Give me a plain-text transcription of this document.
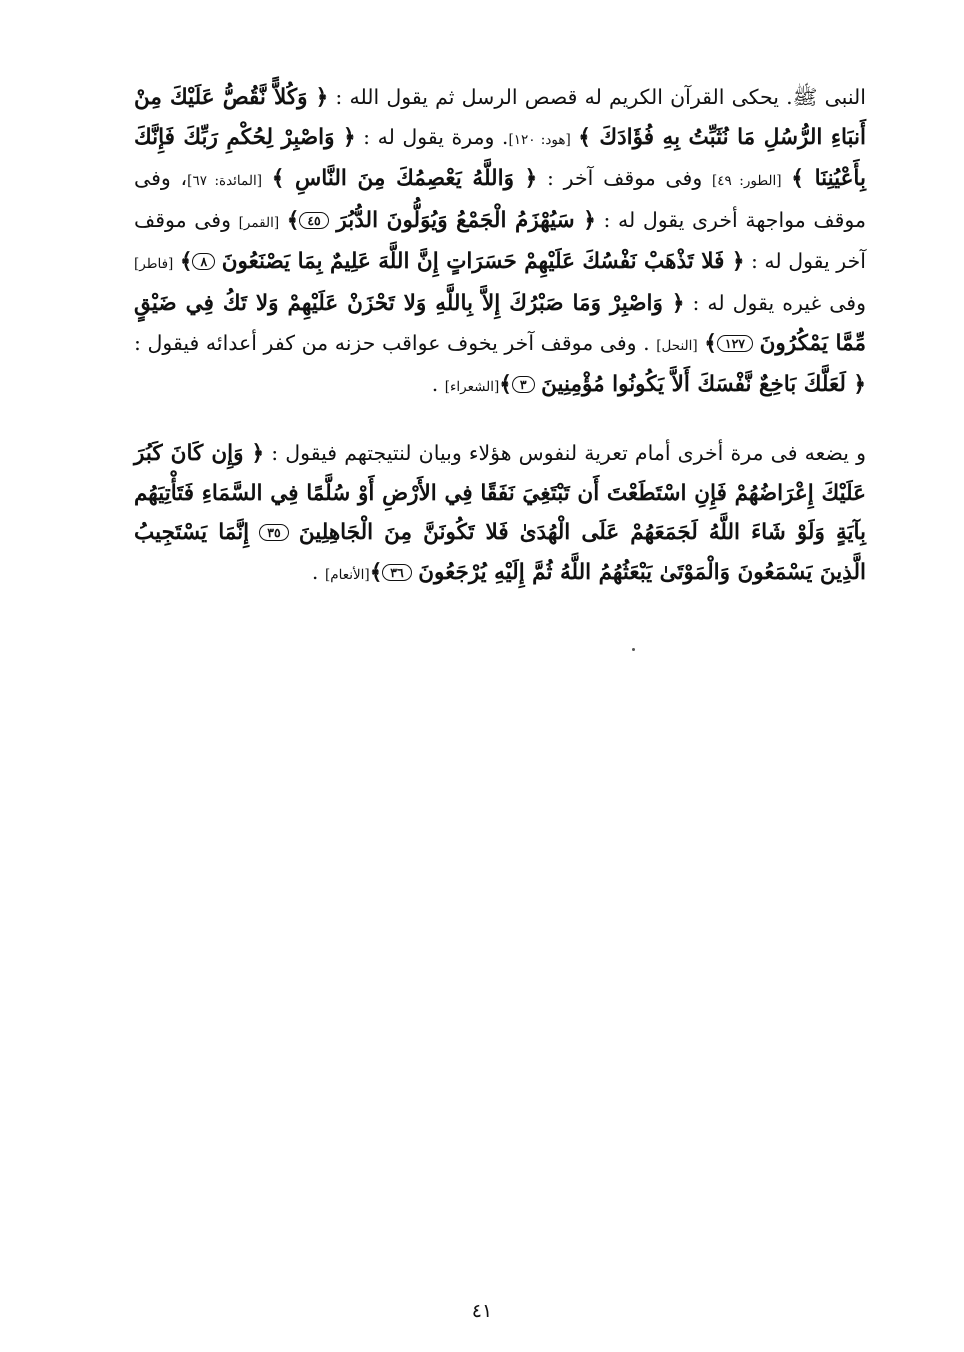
النبى ﷺ. يحكى القرآن الكريم له قصص الرسل ثم يقول الله : ﴿ وَكُلاًّ نَّقُصُّ عَلَيْكَ مِنْ أَنبَاءِ الرُّسُلِ مَا نُثَبِّتُ بِهِ فُؤَادَكَ ﴾ [هود: ١٢٠]. ومرة يقول له : ﴿ وَاصْبِرْ لِحُكْمِ رَبِّكَ فَإِنَّكَ بِأَعْيُنِنَا ﴾ [الطور: ٤٩] وفى موقف آخر : ﴿ وَاللَّهُ يَعْصِمُكَ مِنَ النَّاسِ ﴾ [المائدة: ٦٧]، وفى موقف مواجهة أخرى يقول له : ﴿ سَيُهْزَمُ الْجَمْعُ وَيُوَلُّونَ الدُّبُرَ ٤٥﴾ [القمر] وفى موقف آخر يقول له : ﴿ فَلا تَذْهَبْ نَفْسُكَ عَلَيْهِمْ حَسَرَاتٍ إِنَّ اللَّهَ عَلِيمٌ بِمَا يَصْنَعُونَ ٨﴾ [فاطر] وفى غيره يقول له : ﴿ وَاصْبِرْ وَمَا صَبْرُكَ إِلاَّ بِاللَّهِ وَلا تَحْزَنْ عَلَيْهِمْ وَلا تَكُ فِي ضَيْقٍ مِّمَّا يَمْكُرُونَ ١٢٧﴾ [النحل] . وفى موقف آخر يخوف عواقب حزنه من كفر أعدائه فيقول : ﴿ لَعَلَّكَ بَاخِعٌ نَّفْسَكَ أَلاَّ يَكُونُوا مُؤْمِنِينَ ٣﴾[الشعراء] .

و يضعه فى مرة أخرى أمام تعرية لنفوس هؤلاء وبيان لنتيجتهم فيقول : ﴿ وَإِن كَانَ كَبُرَ عَلَيْكَ إِعْرَاضُهُمْ فَإِنِ اسْتَطَعْتَ أَن تَبْتَغِيَ نَفَقًا فِي الأَرْضِ أَوْ سُلَّمًا فِي السَّمَاءِ فَتَأْتِيَهُم بِآيَةٍ وَلَوْ شَاءَ اللَّهُ لَجَمَعَهُمْ عَلَى الْهُدَىٰ فَلا تَكُونَنَّ مِنَ الْجَاهِلِينَ ٣٥ إِنَّمَا يَسْتَجِيبُ الَّذِينَ يَسْمَعُونَ وَالْمَوْتَىٰ يَبْعَثُهُمُ اللَّهُ ثُمَّ إِلَيْهِ يُرْجَعُونَ ٣٦﴾[الأنعام] .

٤١
